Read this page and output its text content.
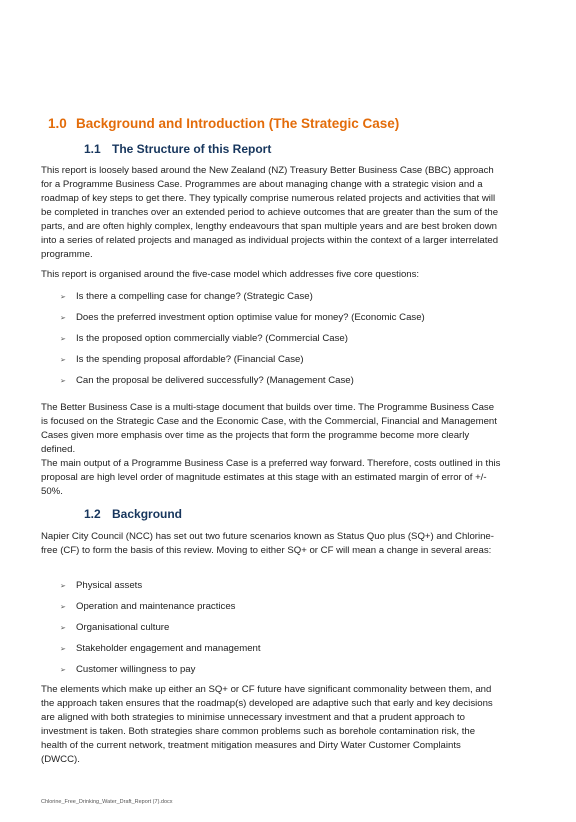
1.0 Background and Introduction (The Strategic Case)
1.1 The Structure of this Report

This report is loosely based around the New Zealand (NZ) Treasury Better Business Case (BBC) approach for a Programme Business Case. Programmes are about managing change with a strategic vision and a roadmap of key steps to get there. They typically comprise numerous related projects and activities that will be completed in tranches over an extended period to achieve outcomes that are greater than the sum of the parts, and are often highly complex, lengthy endeavours that span multiple years and are best broken down into a series of related projects and managed as individual projects within the context of a larger interrelated programme.

This report is organised around the five-case model which addresses five core questions:

➢ Is there a compelling case for change? (Strategic Case)
➢ Does the preferred investment option optimise value for money? (Economic Case)
➢ Is the proposed option commercially viable? (Commercial Case)
➢ Is the spending proposal affordable? (Financial Case)
➢ Can the proposal be delivered successfully? (Management Case)

The Better Business Case is a multi-stage document that builds over time. The Programme Business Case is focused on the Strategic Case and the Economic Case, with the Commercial, Financial and Management Cases given more emphasis over time as the projects that form the programme become more clearly defined.

The main output of a Programme Business Case is a preferred way forward. Therefore, costs outlined in this proposal are high level order of magnitude estimates at this stage with an estimated margin of error of +/- 50%.

1.2 Background

Napier City Council (NCC) has set out two future scenarios known as Status Quo plus (SQ+) and Chlorine-free (CF) to form the basis of this review. Moving to either SQ+ or CF will mean a change in several areas:

➢ Physical assets
➢ Operation and maintenance practices
➢ Organisational culture
➢ Stakeholder engagement and management
➢ Customer willingness to pay

The elements which make up either an SQ+ or CF future have significant commonality between them, and the approach taken ensures that the roadmap(s) developed are adaptive such that early and key decisions are aligned with both strategies to minimise unnecessary investment and that a prudent approach to investment is taken. Both strategies share common problems such as borehole contamination risk, the health of the current network, treatment mitigation measures and Dirty Water Customer Complaints (DWCC).

Chlorine_Free_Drinking_Water_Draft_Report (7).docx
